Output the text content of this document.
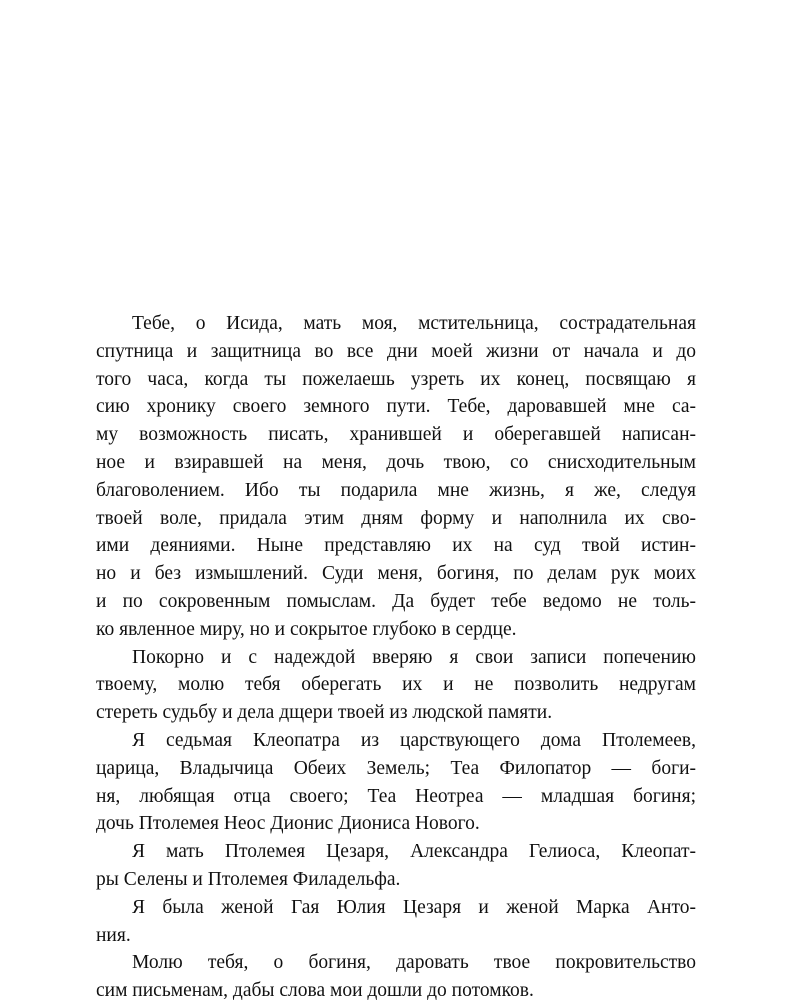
Тебе, о Исида, мать моя, мстительница, сострадательная
спутница и защитница во все дни моей жизни от начала и до
того часа, когда ты пожелаешь узреть их конец, посвящаю я
сию хронику своего земного пути. Тебе, даровавшей мне са-
му возможность писать, хранившей и оберегавшей написан-
ное и взиравшей на меня, дочь твою, со снисходительным
благоволением. Ибо ты подарила мне жизнь, я же, следуя
твоей воле, придала этим дням форму и наполнила их сво-
ими деяниями. Ныне представляю их на суд твой истин-
но и без измышлений. Суди меня, богиня, по делам рук моих
и по сокровенным помыслам. Да будет тебе ведомо не толь-
ко явленное миру, но и сокрытое глубоко в сердце.
Покорно и с надеждой вверяю я свои записи попечению
твоему, молю тебя оберегать их и не позволить недругам
стереть судьбу и дела дщери твоей из людской памяти.
Я седьмая Клеопатра из царствующего дома Птолемеев,
царица, Владычица Обеих Земель; Теа Филопатор — боги-
ня, любящая отца своего; Теа Неотреа — младшая богиня;
дочь Птолемея Неос Дионис Диониса Нового.
Я мать Птолемея Цезаря, Александра Гелиоса, Клеопат-
ры Селены и Птолемея Филадельфа.
Я была женой Гая Юлия Цезаря и женой Марка Анто-
ния.
Молю тебя, о богиня, даровать твое покровительство
сим письменам, дабы слова мои дошли до потомков.
